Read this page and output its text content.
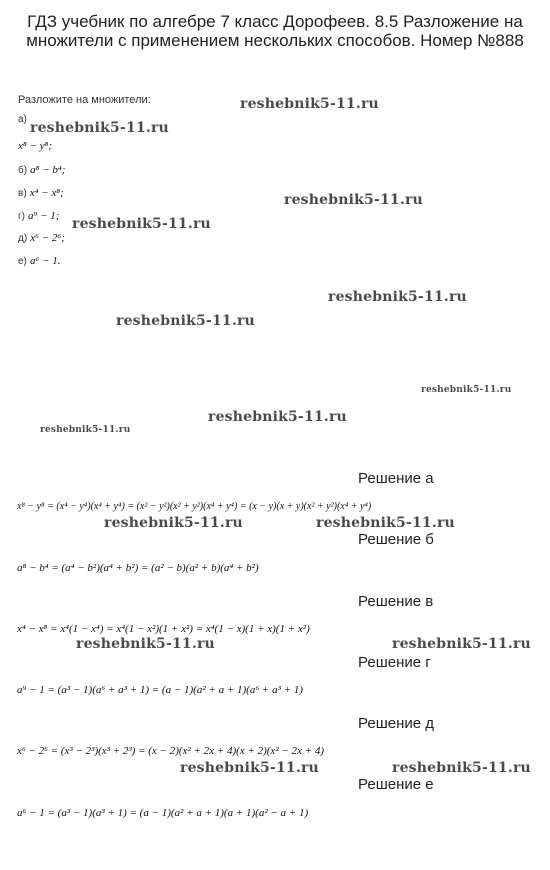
ГДЗ учебник по алгебре 7 класс Дорофеев. 8.5 Разложение на множители с применением нескольких способов. Номер №888
Разложите на множители:
а)
x⁸ − y⁸;
б) a⁸ − b⁴;
в) x⁴ − x⁸;
г) a⁹ − 1;
д) x⁶ − 2⁶;
е) a⁶ − 1.
reshebnik5-11.ru
reshebnik5-11.ru
reshebnik5-11.ru
reshebnik5-11.ru
reshebnik5-11.ru
reshebnik5-11.ru
reshebnik5-11.ru
reshebnik5-11.ru
reshebnik5-11.ru
Решение а
x⁸ − y⁸ = (x⁴ − y⁴)(x⁴ + y⁴) = (x² − y²)(x² + y²)(x⁴ + y⁴) = (x − y)(x + y)(x² + y²)(x⁴ + y⁴)
reshebnik5-11.ru	reshebnik5-11.ru
Решение б
a⁸ − b⁴ = (a⁴ − b²)(a⁴ + b²) = (a² − b)(a² + b)(a⁴ + b²)
Решение в
x⁴ − x⁸ = x⁴(1 − x⁴) = x⁴(1 − x²)(1 + x²) = x⁴(1 − x)(1 + x)(1 + x²)
reshebnik5-11.ru	reshebnik5-11.ru
Решение г
a⁹ − 1 = (a³ − 1)(a⁶ + a³ + 1) = (a − 1)(a² + a + 1)(a⁶ + a³ + 1)
Решение д
x⁶ − 2⁶ = (x³ − 2³)(x³ + 2³) = (x − 2)(x² + 2x + 4)(x + 2)(x² − 2x + 4)
reshebnik5-11.ru	reshebnik5-11.ru
Решение е
a⁶ − 1 = (a³ − 1)(a³ + 1) = (a − 1)(a² + a + 1)(a + 1)(a² − a + 1)
